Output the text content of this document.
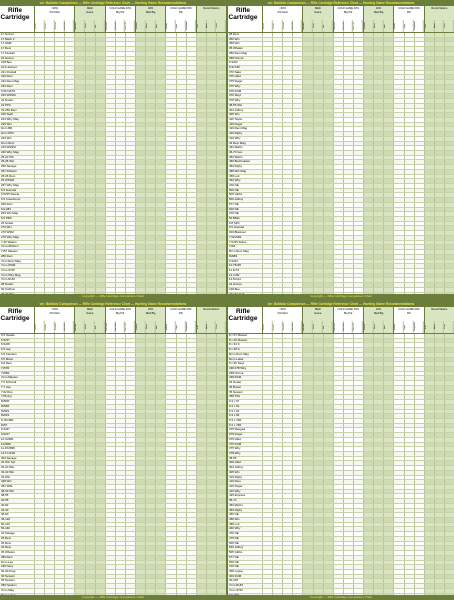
ver. Ballistic Comparison — Rifle Cartridge Reference Chart — Hunting Game Recommendations
Rifle
Cartridge
<40%
Pdr Med
15-30	30-60	60-100	100-200
MED
Game
Varmint	Deer	Elk
COLD GAME 40%
Big Pdr
100-300	300-500	500-700
40%
Med Big
Moose	Bear	Buff
COLD GAME 60%
Pdr
Eland	Cape	Elephant
Recoil Meters
ft-lb	Avail	Cost
17 Hornet
17 Mach 2
17 HMR
17 Rem
17 Fireball
22 Hornet
218 Bee
22 K-Hornet
221 Fireball
222 Rem
222 Rem Mag
223 Rem
5.56 NATO
223 WSSM
22 Nosler
22 PPC
22-250 Rem
220 Swift
224 Wby Mag
225 Win
6mm BR
6mm PPC
243 Win
6mm Rem
243 WSSM
240 Wby Mag
25-20 Win
25-35 Win
250 Savage
257 Roberts
25-06 Rem
25 WSSM
257 Wby Mag
6.5 Grendel
6.5x55 Swede
6.5 Creedmoor
260 Rem
6.5-284
264 Win Mag
6.5 PRC
26 Nosler
270 Win
270 WSM
270 Wby Mag
7-30 Waters
7mm-08 Rem
7x57 Mauser
280 Rem
7mm Rem Mag
7mm WSM
7mm STW
7mm Wby Mag
7mm RUM
28 Nosler
30 Carbine
Copyright — Rifle Cartridge Comparison Chart
ver. Ballistic Comparison — Rifle Cartridge Reference Chart — Hunting Game Recommendations
Rifle
Cartridge
<40%
Pdr Med
15-30	30-60	60-100	100-200
MED
Game
Varmint	Deer	Elk
COLD GAME 40%
Big Pdr
100-300	300-500	500-700
40%
Med Big
Moose	Bear	Buff
COLD GAME 60%
Pdr
Eland	Cape	Elephant
Recoil Meters
ft-lb	Avail	Cost
35 Rem
356 Win
358 Win
35 Whelen
350 Rem Mag
358 Norma
9.3x62
9.3x74R
370 Sako
375 H&H
375 Ruger
375 Wby
375 RUM
376 Steyr
378 Wby
38-55 Win
404 Jeffery
405 Win
416 Taylor
416 Ruger
416 Rem Mag
416 Rigby
416 Wby
44 Rem Mag
444 Marlin
45-70 Gov
450 Marlin
450 Bushmaster
450 Rigby
458 Win Mag
458 Lott
460 Wby
470 NE
500 NE
505 Gibbs
500 Jeffery
577 NE
600 NE
700 NE
50 BMG
6.8 SPC
6.5 Grendel
300 Blackout
7.62x54R
7.5x55 Swiss
7x64
8mm Rem Mag
8x68S
9.3x64
10.75x68
11.2x72
12.7x99
14.5x114
22 Hornet
218 Bee
Copyright — Rifle Cartridge Comparison Chart
ver. Ballistic Comparison — Rifle Cartridge Reference Chart — Hunting Game Recommendations
Rifle
Cartridge
<40%
Pdr Med
15-30	30-60	60-100	100-200
MED
Game
Varmint	Deer	Elk
COLD GAME 40%
Big Pdr
100-300	300-500	500-700
40%
Med Big
Moose	Bear	Buff
COLD GAME 60%
Pdr
Eland	Cape	Elephant
Recoil Meters
ft-lb	Avail	Cost
6.5 Swede
6.5x57
6.5x68
6.5 Jap
6.5 Carcano
6.5 Mann.
6.8 Rem
7x57R
7x65R
7mm Mauser
7.5 Schmidt
7.7 Jap
7.62 Rus
7.65 Arg
8x50R
8x56R
8x60S
8x64S
8.15x46R
9x57
9.3x57
9.5x57
10.3x60R
11x59R
11.15x58R
12.17x44R
303 Savage
32 Win Spl
32-20 Win
32-40 Win
33 Win
348 Win
351 WSL
38-40 Win
38-55
40-65
40-82
44-40
45-90
45-120
50-110
50-140
22 Savage
25 Rem
30 Rem
32 Rem
35 Whelen
350 Rem
6mm Lee
236 Navy
30-40 Krag
30 Newton
35 Newton
256 Newton
7mm Mag
Copyright — Rifle Cartridge Comparison Chart
ver. Ballistic Comparison — Rifle Cartridge Reference Chart — Hunting Game Recommendations
Rifle
Cartridge
<40%
Pdr Med
15-30	30-60	60-100	100-200
MED
Game
Varmint	Deer	Elk
COLD GAME 40%
Big Pdr
100-300	300-500	500-700
40%
Med Big
Moose	Bear	Buff
COLD GAME 60%
Pdr
Eland	Cape	Elephant
Recoil Meters
ft-lb	Avail	Cost
8 x 57 Mauser
8 x 60 Mauser
8 x 64 S
8 x 68 S
8mm Rem Mag
8mm Lebel
8 x 56 Steyr
338-378 Wby
338 Norma
338 RCM
33 Nosler
35 Brown
35 Newton
358 STA
9.3 x 57
9.3 x 62
9.3 x 64
9.3 x 66
9.3 x 72R
9.3 x 74R
375 Flanged
375 Ruger
375 H&H
375 RUM
375 Wby
378 Wby
38-55
400 H&H
404 Jeffery
405 Win
416 Rigby
416 Rem
416 Ruger
416 Wby
425 Express
45-70
450 Marlin
450 Rigby
450 NE
458 Win
458 Lott
460 Wby
470 NE
475 NE
500 NE
500 Jeffery
505 Gibbs
577 NE
600 NE
700 NE
338 Lapua
300 RUM
30-378
7mm RUM
7mm STW
Copyright — Rifle Cartridge Comparison Chart
